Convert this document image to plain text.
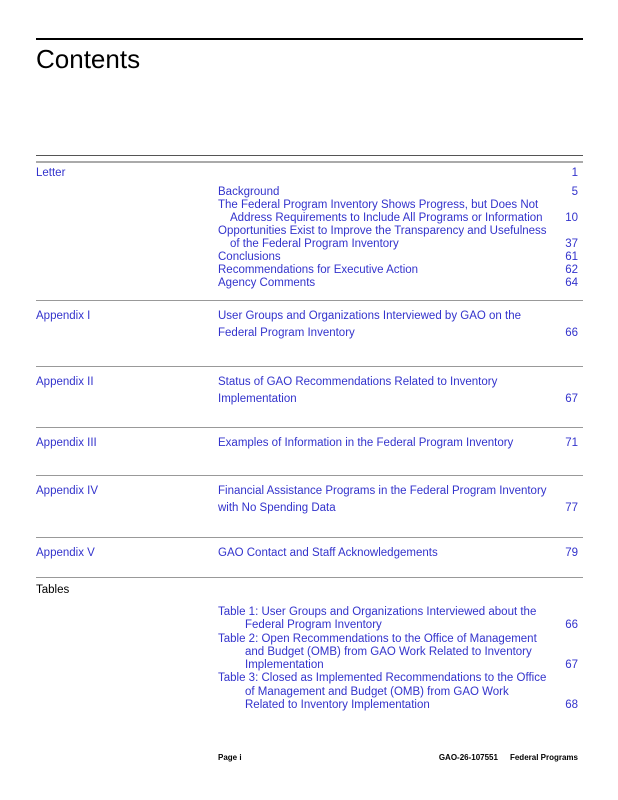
Contents
Letter	1
Background	5
The Federal Program Inventory Shows Progress, but Does Not
Address Requirements to Include All Programs or Information	10
Opportunities Exist to Improve the Transparency and Usefulness
of the Federal Program Inventory	37
Conclusions	61
Recommendations for Executive Action	62
Agency Comments	64
Appendix I	User Groups and Organizations Interviewed by GAO on the
Federal Program Inventory	66
Appendix II	Status of GAO Recommendations Related to Inventory
Implementation	67
Appendix III	Examples of Information in the Federal Program Inventory	71
Appendix IV	Financial Assistance Programs in the Federal Program Inventory
with No Spending Data	77
Appendix V	GAO Contact and Staff Acknowledgements	79
Tables
Table 1: User Groups and Organizations Interviewed about the
Federal Program Inventory	66
Table 2: Open Recommendations to the Office of Management
and Budget (OMB) from GAO Work Related to Inventory
Implementation	67
Table 3: Closed as Implemented Recommendations to the Office
of Management and Budget (OMB) from GAO Work
Related to Inventory Implementation	68
Page i	GAO-26-107551	Federal Programs
